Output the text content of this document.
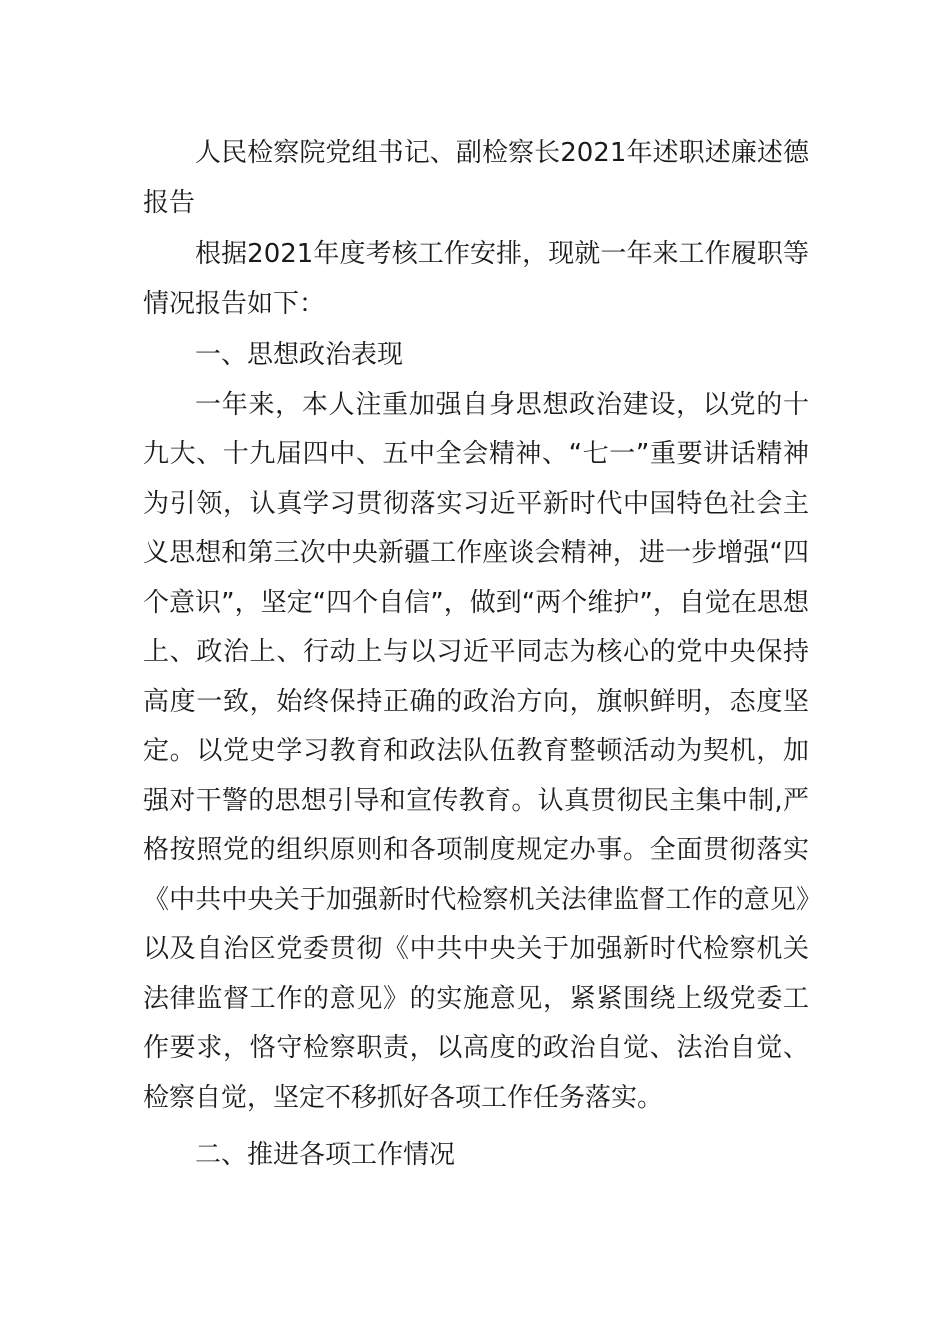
人民检察院党组书记、副检察长2021年述职述廉述德报告

根据2021年度考核工作安排，现就一年来工作履职等情况报告如下：

一、思想政治表现

一年来，本人注重加强自身思想政治建设，以党的十九大、十九届四中、五中全会精神、“七一”重要讲话精神为引领，认真学习贯彻落实习近平新时代中国特色社会主义思想和第三次中央新疆工作座谈会精神，进一步增强“四个意识”，坚定“四个自信”，做到“两个维护”，自觉在思想上、政治上、行动上与以习近平同志为核心的党中央保持高度一致，始终保持正确的政治方向，旗帜鲜明，态度坚定。以党史学习教育和政法队伍教育整顿活动为契机，加强对干警的思想引导和宣传教育。认真贯彻民主集中制,严格按照党的组织原则和各项制度规定办事。全面贯彻落实《中共中央关于加强新时代检察机关法律监督工作的意见》以及自治区党委贯彻《中共中央关于加强新时代检察机关法律监督工作的意见》的实施意见，紧紧围绕上级党委工作要求，恪守检察职责，以高度的政治自觉、法治自觉、检察自觉，坚定不移抓好各项工作任务落实。

二、推进各项工作情况
